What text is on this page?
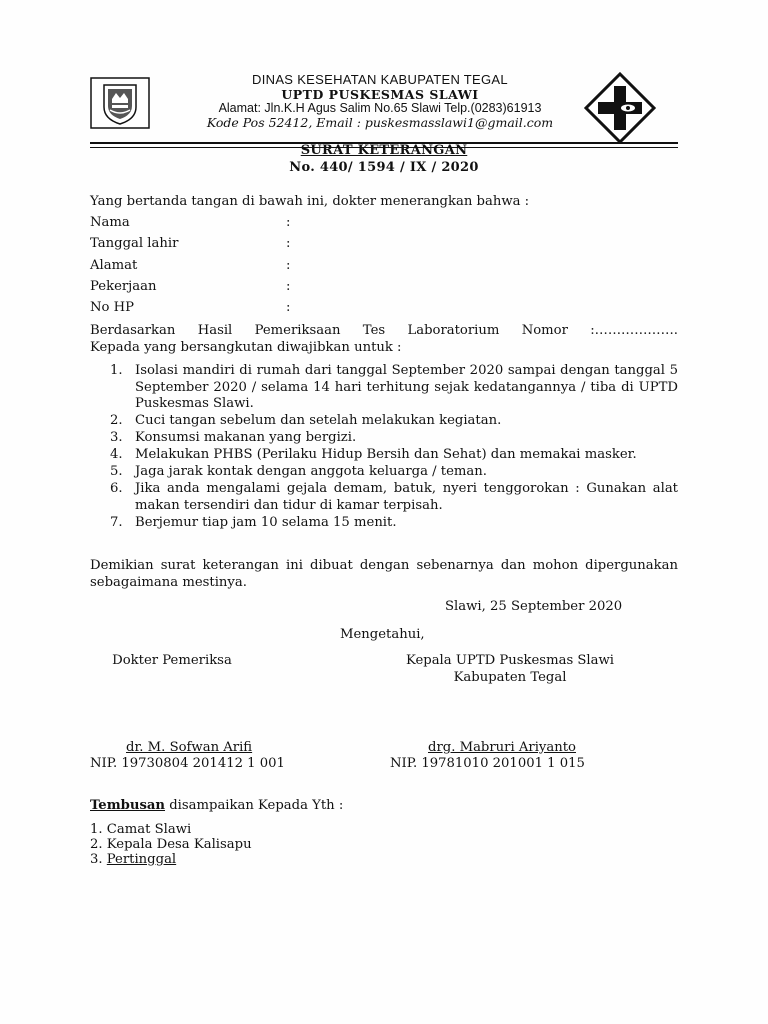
DINAS KESEHATAN KABUPATEN TEGAL
UPTD PUSKESMAS SLAWI
Alamat: Jln.K.H Agus Salim No.65 Slawi Telp.(0283)61913
Kode Pos 52412, Email : puskesmasslawi1@gmail.com
SURAT KETERANGAN
No. 440/ 1594 / IX / 2020
Yang bertanda tangan di bawah ini, dokter menerangkan bahwa :
Nama	:
Tanggal lahir	:
Alamat	:
Pekerjaan	:
No HP	:
Berdasarkan Hasil Pemeriksaan Tes Laboratorium Nomor :……………….
Kepada yang bersangkutan diwajibkan untuk :
1. Isolasi mandiri di rumah dari tanggal September 2020 sampai dengan tanggal 5 September 2020 / selama 14 hari terhitung sejak kedatangannya / tiba di UPTD Puskesmas Slawi.
2. Cuci tangan sebelum dan setelah melakukan kegiatan.
3. Konsumsi makanan yang bergizi.
4. Melakukan PHBS (Perilaku Hidup Bersih dan Sehat) dan memakai masker.
5. Jaga jarak kontak dengan anggota keluarga / teman.
6. Jika anda mengalami gejala demam, batuk, nyeri tenggorokan : Gunakan alat makan tersendiri dan tidur di kamar terpisah.
7. Berjemur tiap jam 10 selama 15 menit.
Demikian surat keterangan ini dibuat dengan sebenarnya dan mohon dipergunakan sebagaimana mestinya.
Slawi, 25 September 2020
Mengetahui,
Dokter Pemeriksa	Kepala UPTD Puskesmas Slawi
Kabupaten Tegal
dr. M. Sofwan Arifi	drg. Mabruri Ariyanto
NIP. 19730804 201412 1 001	NIP. 19781010 201001 1 015
Tembusan disampaikan Kepada Yth :
1. Camat Slawi
2. Kepala Desa Kalisapu
3. Pertinggal
